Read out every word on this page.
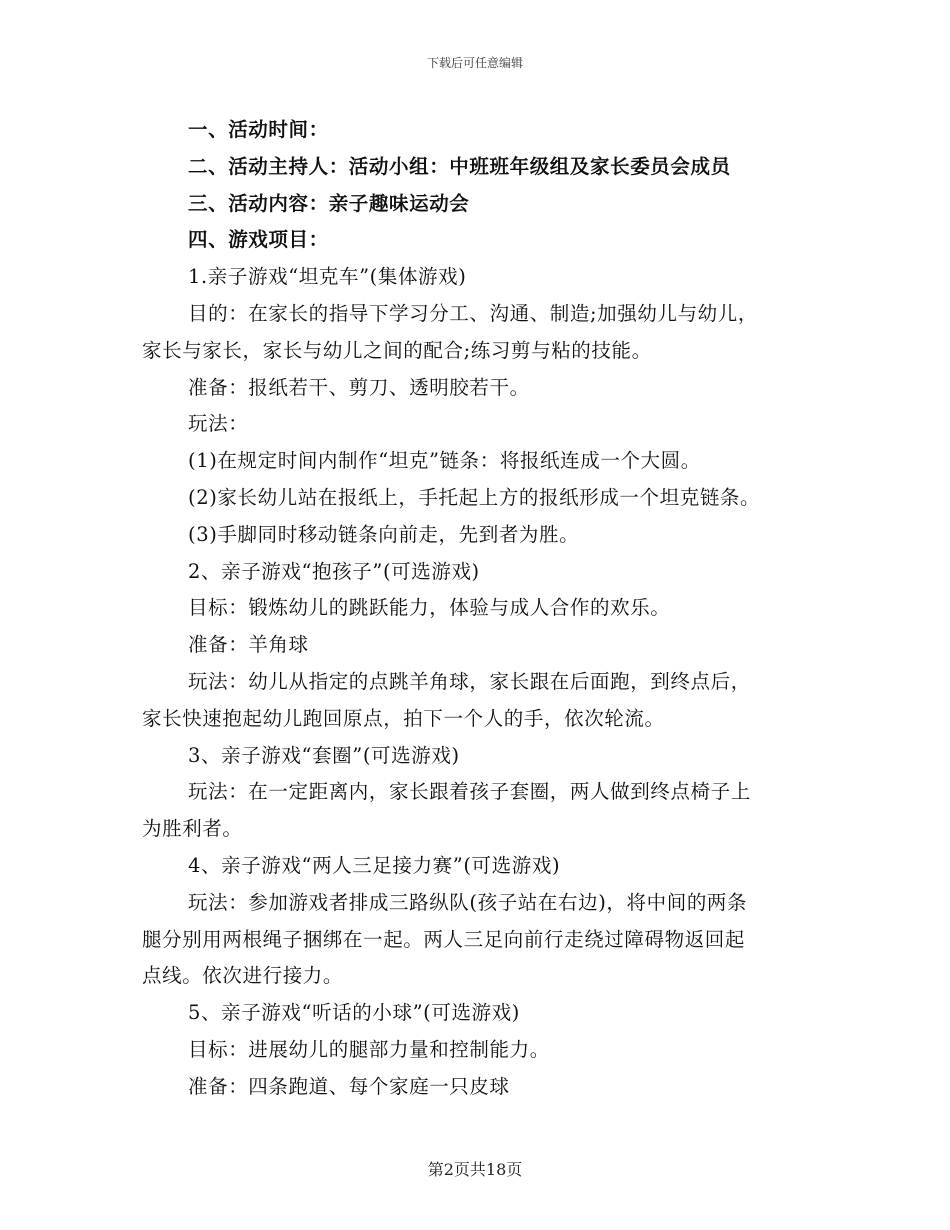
下载后可任意编辑
一、活动时间：
二、活动主持人：活动小组：中班班年级组及家长委员会成员
三、活动内容：亲子趣味运动会
四、游戏项目：
1.亲子游戏“坦克车”(集体游戏)
目的：在家长的指导下学习分工、沟通、制造;加强幼儿与幼儿，
家长与家长，家长与幼儿之间的配合;练习剪与粘的技能。
准备：报纸若干、剪刀、透明胶若干。
玩法：
(1)在规定时间内制作“坦克”链条：将报纸连成一个大圆。
(2)家长幼儿站在报纸上，手托起上方的报纸形成一个坦克链条。
(3)手脚同时移动链条向前走，先到者为胜。
2、亲子游戏“抱孩子”(可选游戏)
目标：锻炼幼儿的跳跃能力，体验与成人合作的欢乐。
准备：羊角球
玩法：幼儿从指定的点跳羊角球，家长跟在后面跑，到终点后，
家长快速抱起幼儿跑回原点，拍下一个人的手，依次轮流。
3、亲子游戏“套圈”(可选游戏)
玩法：在一定距离内，家长跟着孩子套圈，两人做到终点椅子上
为胜利者。
4、亲子游戏“两人三足接力赛”(可选游戏)
玩法：参加游戏者排成三路纵队(孩子站在右边)，将中间的两条
腿分别用两根绳子捆绑在一起。两人三足向前行走绕过障碍物返回起
点线。依次进行接力。
5、亲子游戏“听话的小球”(可选游戏)
目标：进展幼儿的腿部力量和控制能力。
准备：四条跑道、每个家庭一只皮球
第2页共18页
